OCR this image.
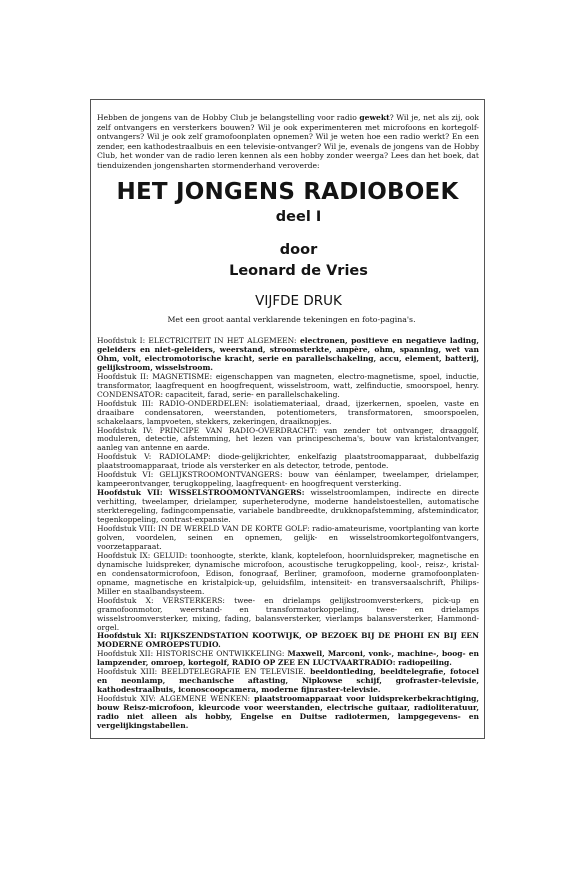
Hebben de jongens van de Hobby Club je belangstelling voor radio gewekt? Wil je, net als zij, ook zelf ontvangers en versterkers bouwen? Wil je ook experimenteren met microfoons en kortegolf-ontvangers? Wil je ook zelf gramofoonplaten opnemen? Wil je weten hoe een radio werkt? En een zender, een kathodestraalbuis en een televisie-ontvanger? Wil je, evenals de jongens van de Hobby Club, het wonder van de radio leren kennen als een hobby zonder weerga? Lees dan het boek, dat tienduizenden jongensharten stormenderhand veroverde:
HET JONGENS RADIOBOEK
deel I
door
Leonard de Vries
VIJFDE DRUK
Met een groot aantal verklarende tekeningen en foto-pagina's.

Hoofdstuk I: ELECTRICITEIT IN HET ALGEMEEN: electronen, positieve en negatieve lading, geleiders en niet-geleiders, weerstand, stroomsterkte, ampère, ohm, spanning, wet van Ohm, volt, electromotorische kracht, serie en parallelschakeling, accu, element, batterij, gelijkstroom, wisselstroom.

Hoofdstuk II: MAGNETISME: eigenschappen van magneten, electro-magnetisme, spoel, inductie, transformator, laagfrequent en hoogfrequent, wisselstroom, watt, zelfinductie, smoorspoel, henry. CONDENSATOR: capaciteit, farad, serie- en parallelschakeling.

Hoofdstuk III: RADIO-ONDERDELEN: isolatiemateriaal, draad, ijzerkernen, spoelen, vaste en draaibare condensatoren, weerstanden, potentiometers, transformatoren, smoorspoelen, schakelaars, lampvoeten, stekkers, zekeringen, draaiknopjes.

Hoofdstuk IV: PRINCIPE VAN RADIO-OVERDRACHT: van zender tot ontvanger, draaggolf, moduleren, detectie, afstemming, het lezen van principeschema's, bouw van kristalontvanger, aanleg van antenne en aarde.

Hoofdstuk V: RADIOLAMP: diode-gelijkrichter, enkelfazig plaatstroomapparaat, dubbelfazig plaatstroomapparaat, triode als versterker en als detector, tetrode, pentode.

Hoofdstuk VI: GELIJKSTROOMONTVANGERS: bouw van éénlamper, tweelamper, drielamper, kampeerontvanger, terugkoppeling, laagfrequent- en hoogfrequent versterking.

Hoofdstuk VII: WISSELSTROOMONTVANGERS: wisselstroomlampen, indirecte en directe verhitting, tweelamper, drielamper, superheterodyne, moderne handelstoestellen, automatische sterkteregeling, fadingcompensatie, variabele bandbreedte, drukknopafstemming, afstemindicator, tegenkoppeling, contrast-expansie.

Hoofdstuk VIII: IN DE WERELD VAN DE KORTE GOLF: radio-amateurisme, voortplanting van korte golven, voordelen, seinen en opnemen, gelijk- en wisselstroomkortegolfontvangers, voorzetapparaat.

Hoofdstuk IX: GELUID: toonhoogte, sterkte, klank, koptelefoon, hoornluidspreker, magnetische en dynamische luidspreker, dynamische microfoon, acoustische terugkoppeling, kool-, reisz-, kristal- en condensatormicrofoon, Edison, fonograaf, Berliner, gramofoon, moderne gramofoonplaten-opname, magnetische en kristalpick-up, geluidsfilm, intensiteit- en transversaalschrift, Philips-Miller en staalbandsysteem.

Hoofdstuk X: VERSTERKERS: twee- en drielamps gelijkstroomversterkers, pick-up en gramofoonmotor, weerstand- en transformatorkoppeling, twee- en drielamps wisselstroomversterker, mixing, fading, balansversterker, vierlamps balansversterker, Hammond-orgel.

Hoofdstuk XI: RIJKSZENDSTATION KOOTWIJK, OP BEZOEK BIJ DE PHOHI EN BIJ EEN MODERNE OMROEPSTUDIO.

Hoofdstuk XII: HISTORISCHE ONTWIKKELING: Maxwell, Marconi, vonk-, machine-, boog- en lampzender, omroep, kortegolf, RADIO OP ZEE EN LUCTVAARTRADIO: radiopeiling.

Hoofdstuk XIII: BEELDTELEGRAFIE EN TELEVISIE. beeldontleding, beeldtelegrafie, fotocel en neonlamp, mechanische aftasting, Nipkowse schijf, grofraster-televisie, kathodestraalbuis, iconoscoopcamera, moderne fijnraster-televisie.

Hoofdstuk XIV: ALGEMENE WENKEN: plaatstroomapparaat voor luidsprekerbekrachtiging, bouw Reisz-microfoon, kleurcode voor weerstanden, electrische guitaar, radioliteratuur, radio niet alleen als hobby, Engelse en Duitse radiotermen, lampgegevens- en vergelijkingstabellen.
